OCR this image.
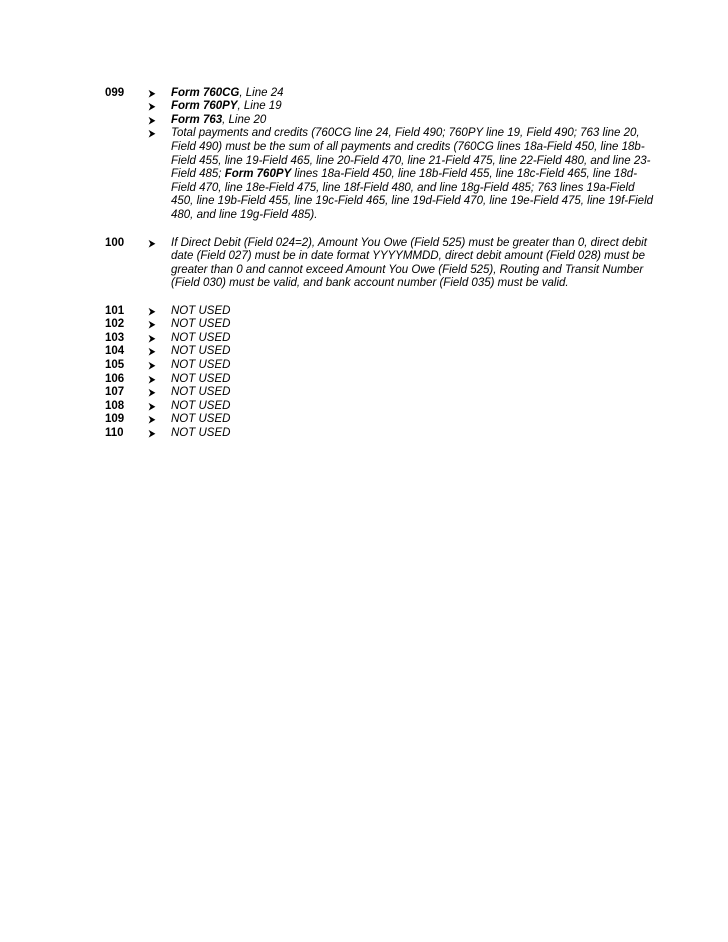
099	Form 760CG, Line 24
Form 760PY, Line 19
Form 763, Line 20
Total payments and credits (760CG line 24, Field 490; 760PY line 19, Field 490; 763 line 20,
Field 490) must be the sum of all payments and credits (760CG lines 18a-Field 450, line 18b-
Field 455, line 19-Field 465, line 20-Field 470, line 21-Field 475, line 22-Field 480, and line 23-
Field 485; Form 760PY lines 18a-Field 450, line 18b-Field 455, line 18c-Field 465, line 18d-
Field 470, line 18e-Field 475, line 18f-Field 480, and line 18g-Field 485; 763 lines 19a-Field
450, line 19b-Field 455, line 19c-Field 465, line 19d-Field 470, line 19e-Field 475, line 19f-Field
480, and line 19g-Field 485).
100	If Direct Debit (Field 024=2), Amount You Owe (Field 525) must be greater than 0, direct debit
date (Field 027) must be in date format YYYYMMDD, direct debit amount (Field 028) must be
greater than 0 and cannot exceed Amount You Owe (Field 525), Routing and Transit Number
(Field 030) must be valid, and bank account number (Field 035) must be valid.
101	NOT USED
102	NOT USED
103	NOT USED
104	NOT USED
105	NOT USED
106	NOT USED
107	NOT USED
108	NOT USED
109	NOT USED
110	NOT USED
